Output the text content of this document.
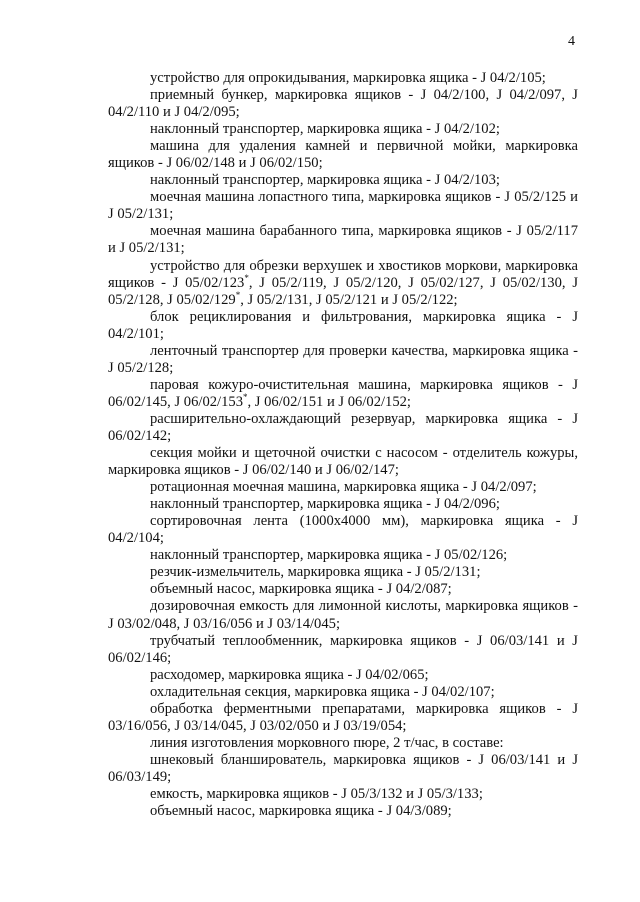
4

устройство для опрокидывания, маркировка ящика - J 04/2/105;

приемный бункер, маркировка ящиков - J 04/2/100, J 04/2/097, J 04/2/110 и J 04/2/095;

наклонный транспортер, маркировка ящика - J 04/2/102;

машина для удаления камней и первичной мойки, маркировка ящиков - J 06/02/148 и J 06/02/150;

наклонный транспортер, маркировка ящика - J 04/2/103;

моечная машина лопастного типа, маркировка ящиков - J 05/2/125 и J 05/2/131;

моечная машина барабанного типа, маркировка ящиков - J 05/2/117 и J 05/2/131;

устройство для обрезки верхушек и хвостиков моркови, маркировка ящиков - J 05/02/123*, J 05/2/119, J 05/2/120, J 05/02/127, J 05/02/130, J 05/2/128, J 05/02/129*, J 05/2/131, J 05/2/121 и J 05/2/122;

блок рециклирования и фильтрования, маркировка ящика - J 04/2/101;

ленточный транспортер для проверки качества, маркировка ящика - J 05/2/128;

паровая кожуро-очистительная машина, маркировка ящиков - J 06/02/145, J 06/02/153*, J 06/02/151 и J 06/02/152;

расширительно-охлаждающий резервуар, маркировка ящика - J 06/02/142;

секция мойки и щеточной очистки с насосом - отделитель кожуры, маркировка ящиков - J 06/02/140 и J 06/02/147;

ротационная моечная машина, маркировка ящика - J 04/2/097;

наклонный транспортер, маркировка ящика - J 04/2/096;

сортировочная лента (1000х4000 мм), маркировка ящика - J 04/2/104;

наклонный транспортер, маркировка ящика - J 05/02/126;

резчик-измельчитель, маркировка ящика - J 05/2/131;

объемный насос, маркировка ящика - J 04/2/087;

дозировочная емкость для лимонной кислоты, маркировка ящиков - J 03/02/048, J 03/16/056 и J 03/14/045;

трубчатый теплообменник, маркировка ящиков - J 06/03/141 и J 06/02/146;

расходомер, маркировка ящика - J 04/02/065;

охладительная секция, маркировка ящика - J 04/02/107;

обработка ферментными препаратами, маркировка ящиков - J 03/16/056, J 03/14/045, J 03/02/050 и J 03/19/054;

линия изготовления морковного пюре, 2 т/час, в составе:

шнековый бланширователь, маркировка ящиков - J 06/03/141 и J 06/03/149;

емкость, маркировка ящиков - J 05/3/132 и J 05/3/133;

объемный насос, маркировка ящика - J 04/3/089;
